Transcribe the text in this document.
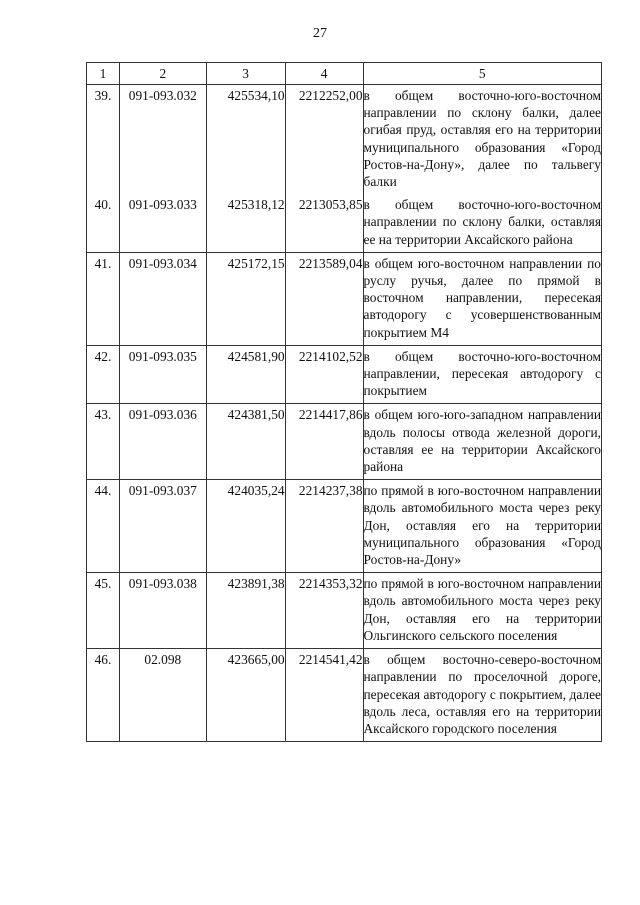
27
1	2	3	4	5
39.	091-093.032	425534,10	2212252,00	в общем восточно-юго-восточном направлении по склону балки, далее огибая пруд, оставляя его на территории муниципального образования «Город Ростов-на-Дону», далее по тальвегу балки
40.	091-093.033	425318,12	2213053,85	в общем восточно-юго-восточном направлении по склону балки, оставляя ее на территории Аксайского района
41.	091-093.034	425172,15	2213589,04	в общем юго-восточном направлении по руслу ручья, далее по прямой в восточном направлении, пересекая автодорогу с усовершенствованным покрытием М4
42.	091-093.035	424581,90	2214102,52	в общем восточно-юго-восточном направлении, пересекая автодорогу с покрытием
43.	091-093.036	424381,50	2214417,86	в общем юго-юго-западном направлении вдоль полосы отвода железной дороги, оставляя ее на территории Аксайского района
44.	091-093.037	424035,24	2214237,38	по прямой в юго-восточном направлении вдоль автомобильного моста через реку Дон, оставляя его на территории муниципального образования «Город Ростов-на-Дону»
45.	091-093.038	423891,38	2214353,32	по прямой в юго-восточном направлении вдоль автомобильного моста через реку Дон, оставляя его на территории Ольгинского сельского поселения
46.	02.098	423665,00	2214541,42	в общем восточно-северо-восточном направлении по проселочной дороге, пересекая автодорогу с покрытием, далее вдоль леса, оставляя его на территории Аксайского городского поселения
